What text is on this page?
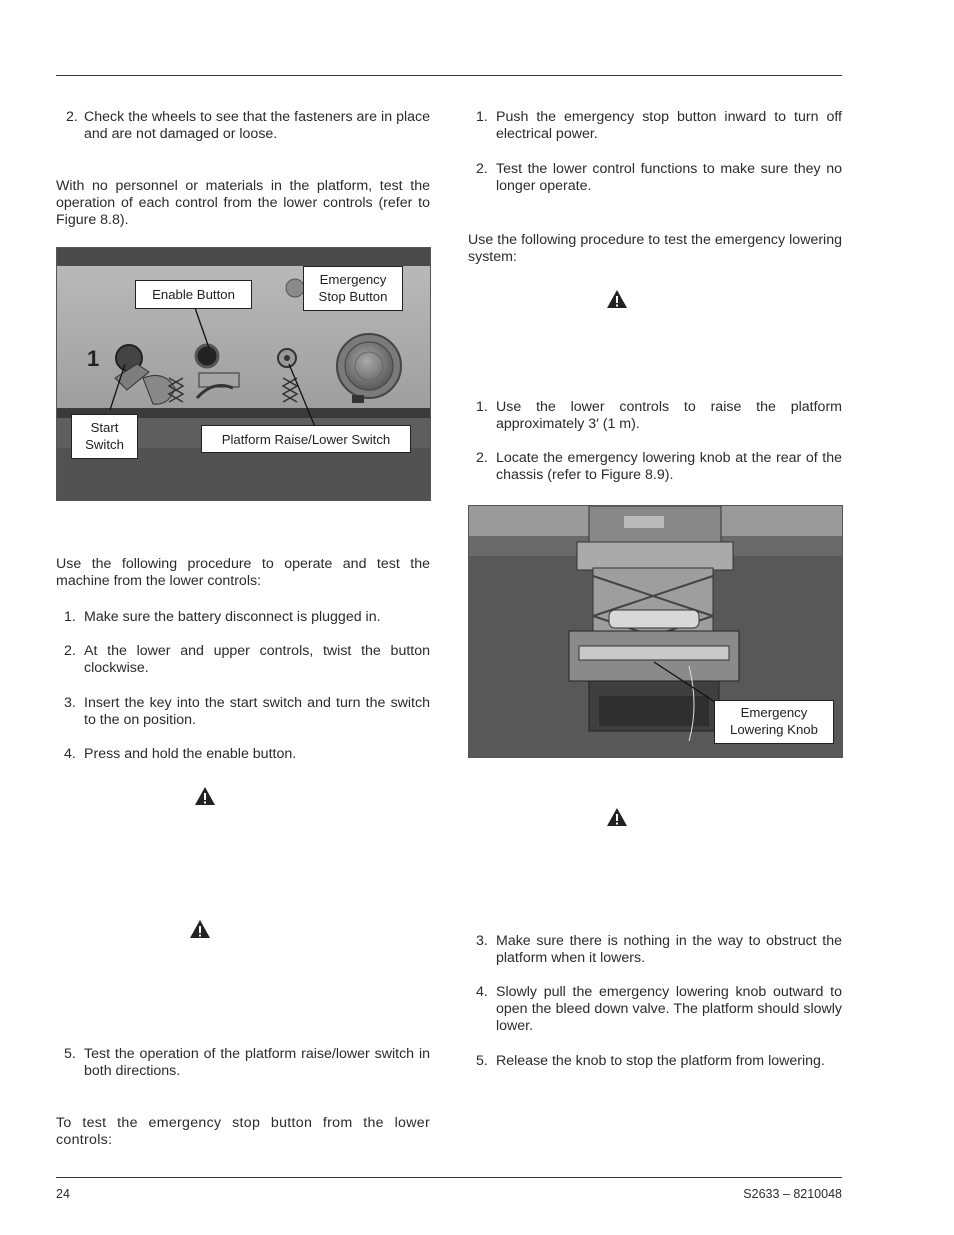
2. Check the wheels to see that the fasteners are in place and are not damaged or loose.
With no personnel or materials in the platform, test the operation of each control from the lower controls (refer to Figure 8.8).
1
Enable Button
Emergency Stop Button
Start Switch	Platform Raise/Lower Switch
Use the following procedure to operate and test the machine from the lower controls:
1. Make sure the battery disconnect is plugged in.
2. At the lower and upper controls, twist the button clockwise.
3. Insert the key into the start switch and turn the switch to the on position.
4. Press and hold the enable button.
5. Test the operation of the platform raise/lower switch in both directions.
To test the emergency stop button from the lower controls:
1. Push the emergency stop button inward to turn off electrical power.
2. Test the lower control functions to make sure they no longer operate.
Use the following procedure to test the emergency lowering system:
1. Use the lower controls to raise the platform approximately 3′ (1 m).
2. Locate the emergency lowering knob at the rear of the chassis (refer to Figure 8.9).
Emergency Lowering Knob
3. Make sure there is nothing in the way to obstruct the platform when it lowers.
4. Slowly pull the emergency lowering knob outward to open the bleed down valve. The platform should slowly lower.
5. Release the knob to stop the platform from lowering.
24	S2633 – 8210048
